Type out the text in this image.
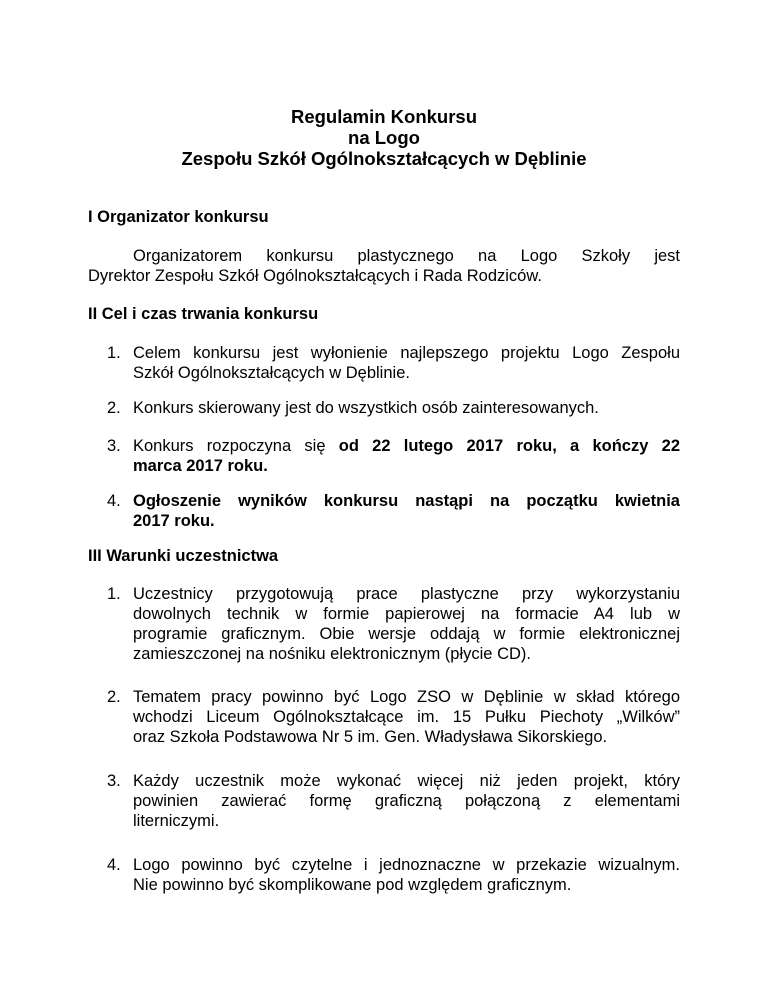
Regulamin Konkursu
na Logo
Zespołu Szkół Ogólnokształcących w Dęblinie

I Organizator konkursu

Organizatorem konkursu plastycznego na Logo Szkoły jest
Dyrektor Zespołu Szkół Ogólnokształcących i Rada Rodziców.

II Cel i czas trwania konkursu

1. Celem konkursu jest wyłonienie najlepszego projektu Logo Zespołu
Szkół Ogólnokształcących w Dęblinie.
2. Konkurs skierowany jest do wszystkich osób zainteresowanych.
3. Konkurs rozpoczyna się od 22 lutego 2017 roku, a kończy 22
marca 2017 roku.
4. Ogłoszenie wyników konkursu nastąpi na początku kwietnia
2017 roku.

III Warunki uczestnictwa

1. Uczestnicy przygotowują prace plastyczne przy wykorzystaniu
dowolnych technik w formie papierowej na formacie A4 lub w
programie graficznym. Obie wersje oddają w formie elektronicznej
zamieszczonej na nośniku elektronicznym (płycie CD).
2. Tematem pracy powinno być Logo ZSO w Dęblinie w skład którego
wchodzi Liceum Ogólnokształcące im. 15 Pułku Piechoty „Wilków”
oraz Szkoła Podstawowa Nr 5 im. Gen. Władysława Sikorskiego.
3. Każdy uczestnik może wykonać więcej niż jeden projekt, który
powinien zawierać formę graficzną połączoną z elementami
literniczymi.
4. Logo powinno być czytelne i jednoznaczne w przekazie wizualnym.
Nie powinno być skomplikowane pod względem graficznym.
